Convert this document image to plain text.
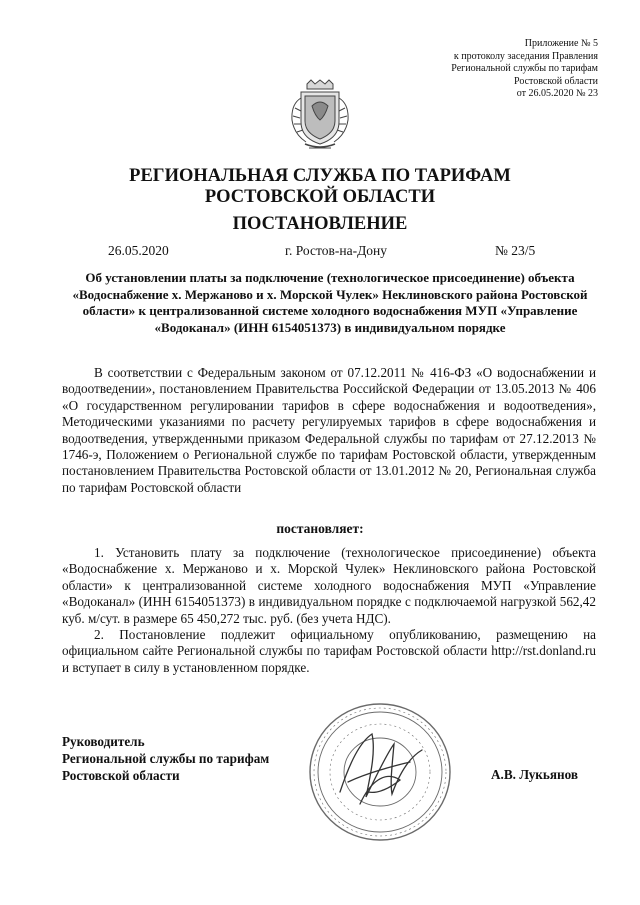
Приложение № 5
к протоколу заседания Правления
Региональной службы по тарифам
Ростовской области
от 26.05.2020 № 23
РЕГИОНАЛЬНАЯ СЛУЖБА ПО ТАРИФАМ
РОСТОВСКОЙ ОБЛАСТИ
ПОСТАНОВЛЕНИЕ
26.05.2020	г. Ростов-на-Дону	№ 23/5
Об установлении платы за подключение (технологическое присоединение) объекта «Водоснабжение х. Мержаново и х. Морской Чулек» Неклиновского района Ростовской области» к централизованной системе холодного водоснабжения МУП «Управление «Водоканал» (ИНН 6154051373) в индивидуальном порядке
В соответствии с Федеральным законом от 07.12.2011 № 416-ФЗ «О водоснабжении и водоотведении», постановлением Правительства Российской Федерации от 13.05.2013 № 406 «О государственном регулировании тарифов в сфере водоснабжения и водоотведения», Методическими указаниями по расчету регулируемых тарифов в сфере водоснабжения и водоотведения, утвержденными приказом Федеральной службы по тарифам от 27.12.2013 № 1746-э, Положением о Региональной службе по тарифам Ростовской области, утвержденным постановлением Правительства Ростовской области от 13.01.2012 № 20, Региональная служба по тарифам Ростовской области
постановляет:
1. Установить плату за подключение (технологическое присоединение) объекта «Водоснабжение х. Мержаново и х. Морской Чулек» Неклиновского района Ростовской области» к централизованной системе холодного водоснабжения МУП «Управление «Водоканал» (ИНН 6154051373) в индивидуальном порядке с подключаемой нагрузкой 562,42 куб. м/сут. в размере 65 450,272 тыс. руб. (без учета НДС).
2. Постановление подлежит официальному опубликованию, размещению на официальном сайте Региональной службы по тарифам Ростовской области http://rst.donland.ru и вступает в силу в установленном порядке.
Руководитель
Региональной службы по тарифам
Ростовской области	А.В. Лукьянов
